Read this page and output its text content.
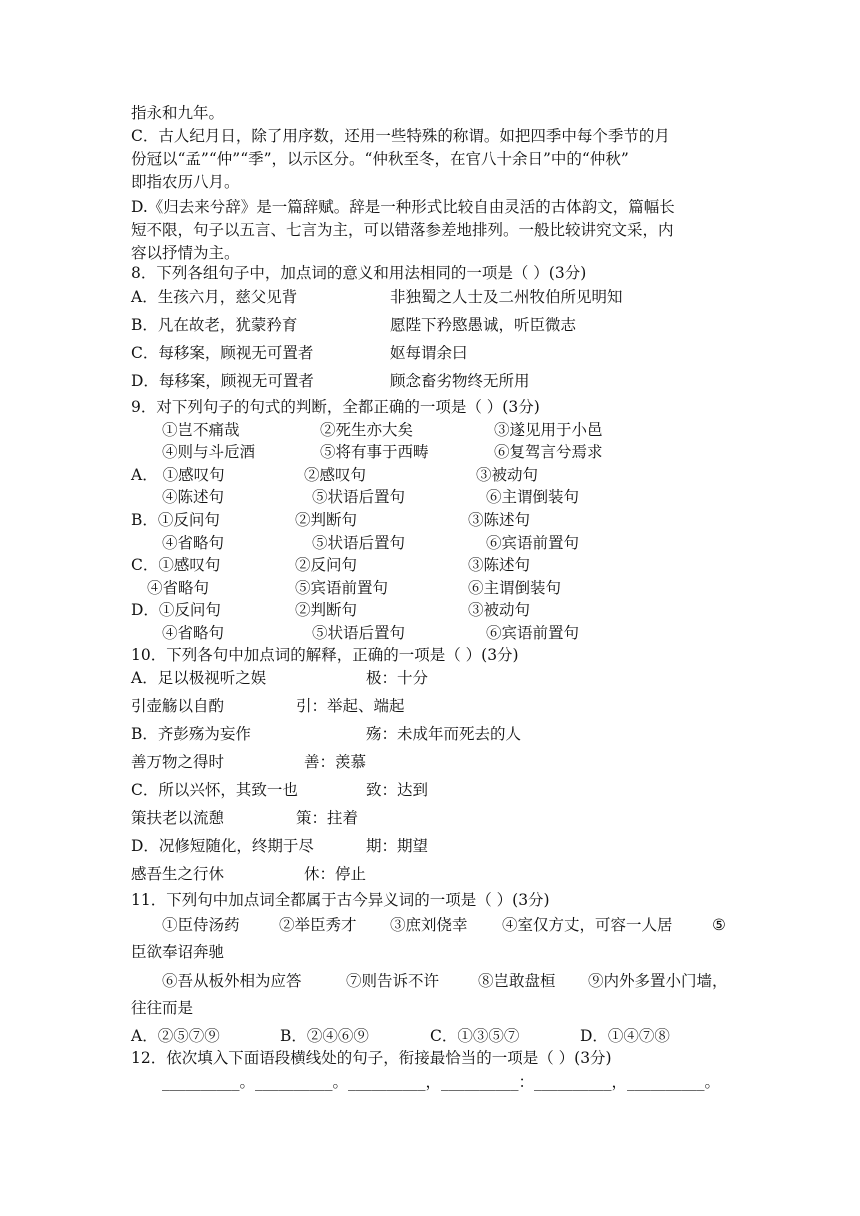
指永和九年。
C．古人纪月日，除了用序数，还用一些特殊的称谓。如把四季中每个季节的月
份冠以“孟”“仲”“季”，以示区分。“仲秋至冬，在官八十余日”中的“仲秋”
即指农历八月。
D.《归去来兮辞》是一篇辞赋。辞是一种形式比较自由灵活的古体韵文，篇幅长
短不限，句子以五言、七言为主，可以错落参差地排列。一般比较讲究文采，内
容以抒情为主。
8．下列各组句子中，加点词的意义和用法相同的一项是（ ）(3分)
A．生孩六月，慈父见背	非独蜀之人士及二州牧伯所见明知
B．凡在故老，犹蒙矜育	愿陛下矜愍愚诚，听臣微志
C．每移案，顾视无可置者	妪每谓余曰
D．每移案，顾视无可置者	顾念畜劣物终无所用
9．对下列句子的句式的判断，全都正确的一项是（ ）(3分)
①岂不痛哉	②死生亦大矣	③遂见用于小邑
④则与斗卮酒	⑤将有事于西畴	⑥复驾言兮焉求
A． ①感叹句	②感叹句	③被动句
④陈述句	⑤状语后置句	⑥主谓倒装句
B．①反问句	②判断句	③陈述句
④省略句	⑤状语后置句	⑥宾语前置句
C．①感叹句	②反问句	③陈述句
④省略句	⑤宾语前置句	⑥主谓倒装句
D．①反问句	②判断句	③被动句
④省略句	⑤状语后置句	⑥宾语前置句
10．下列各句中加点词的解释，正确的一项是（ ）(3分)
A．足以极视听之娱	极：十分
引壶觞以自酌	引：举起、端起
B．齐彭殇为妄作	殇：未成年而死去的人
善万物之得时	善：羡慕
C．所以兴怀，其致一也	致：达到
策扶老以流憩	策：拄着
D．况修短随化，终期于尽	期：期望
感吾生之行休	休：停止
11．下列句中加点词全都属于古今异义词的一项是（ ）(3分)
①臣侍汤药	②举臣秀才 ③庶刘侥幸 ④室仅方丈，可容一人居	⑤
臣欲奉诏奔驰
⑥吾从板外相为应答	⑦则告诉不许	⑧岂敢盘桓 ⑨内外多置小门墙，
往往而是
A．②⑤⑦⑨	B．②④⑥⑨	C．①③⑤⑦	D．①④⑦⑧
12．依次填入下面语段横线处的句子，衔接最恰当的一项是（ ）(3分)
__________。__________。__________，__________：__________，__________。
